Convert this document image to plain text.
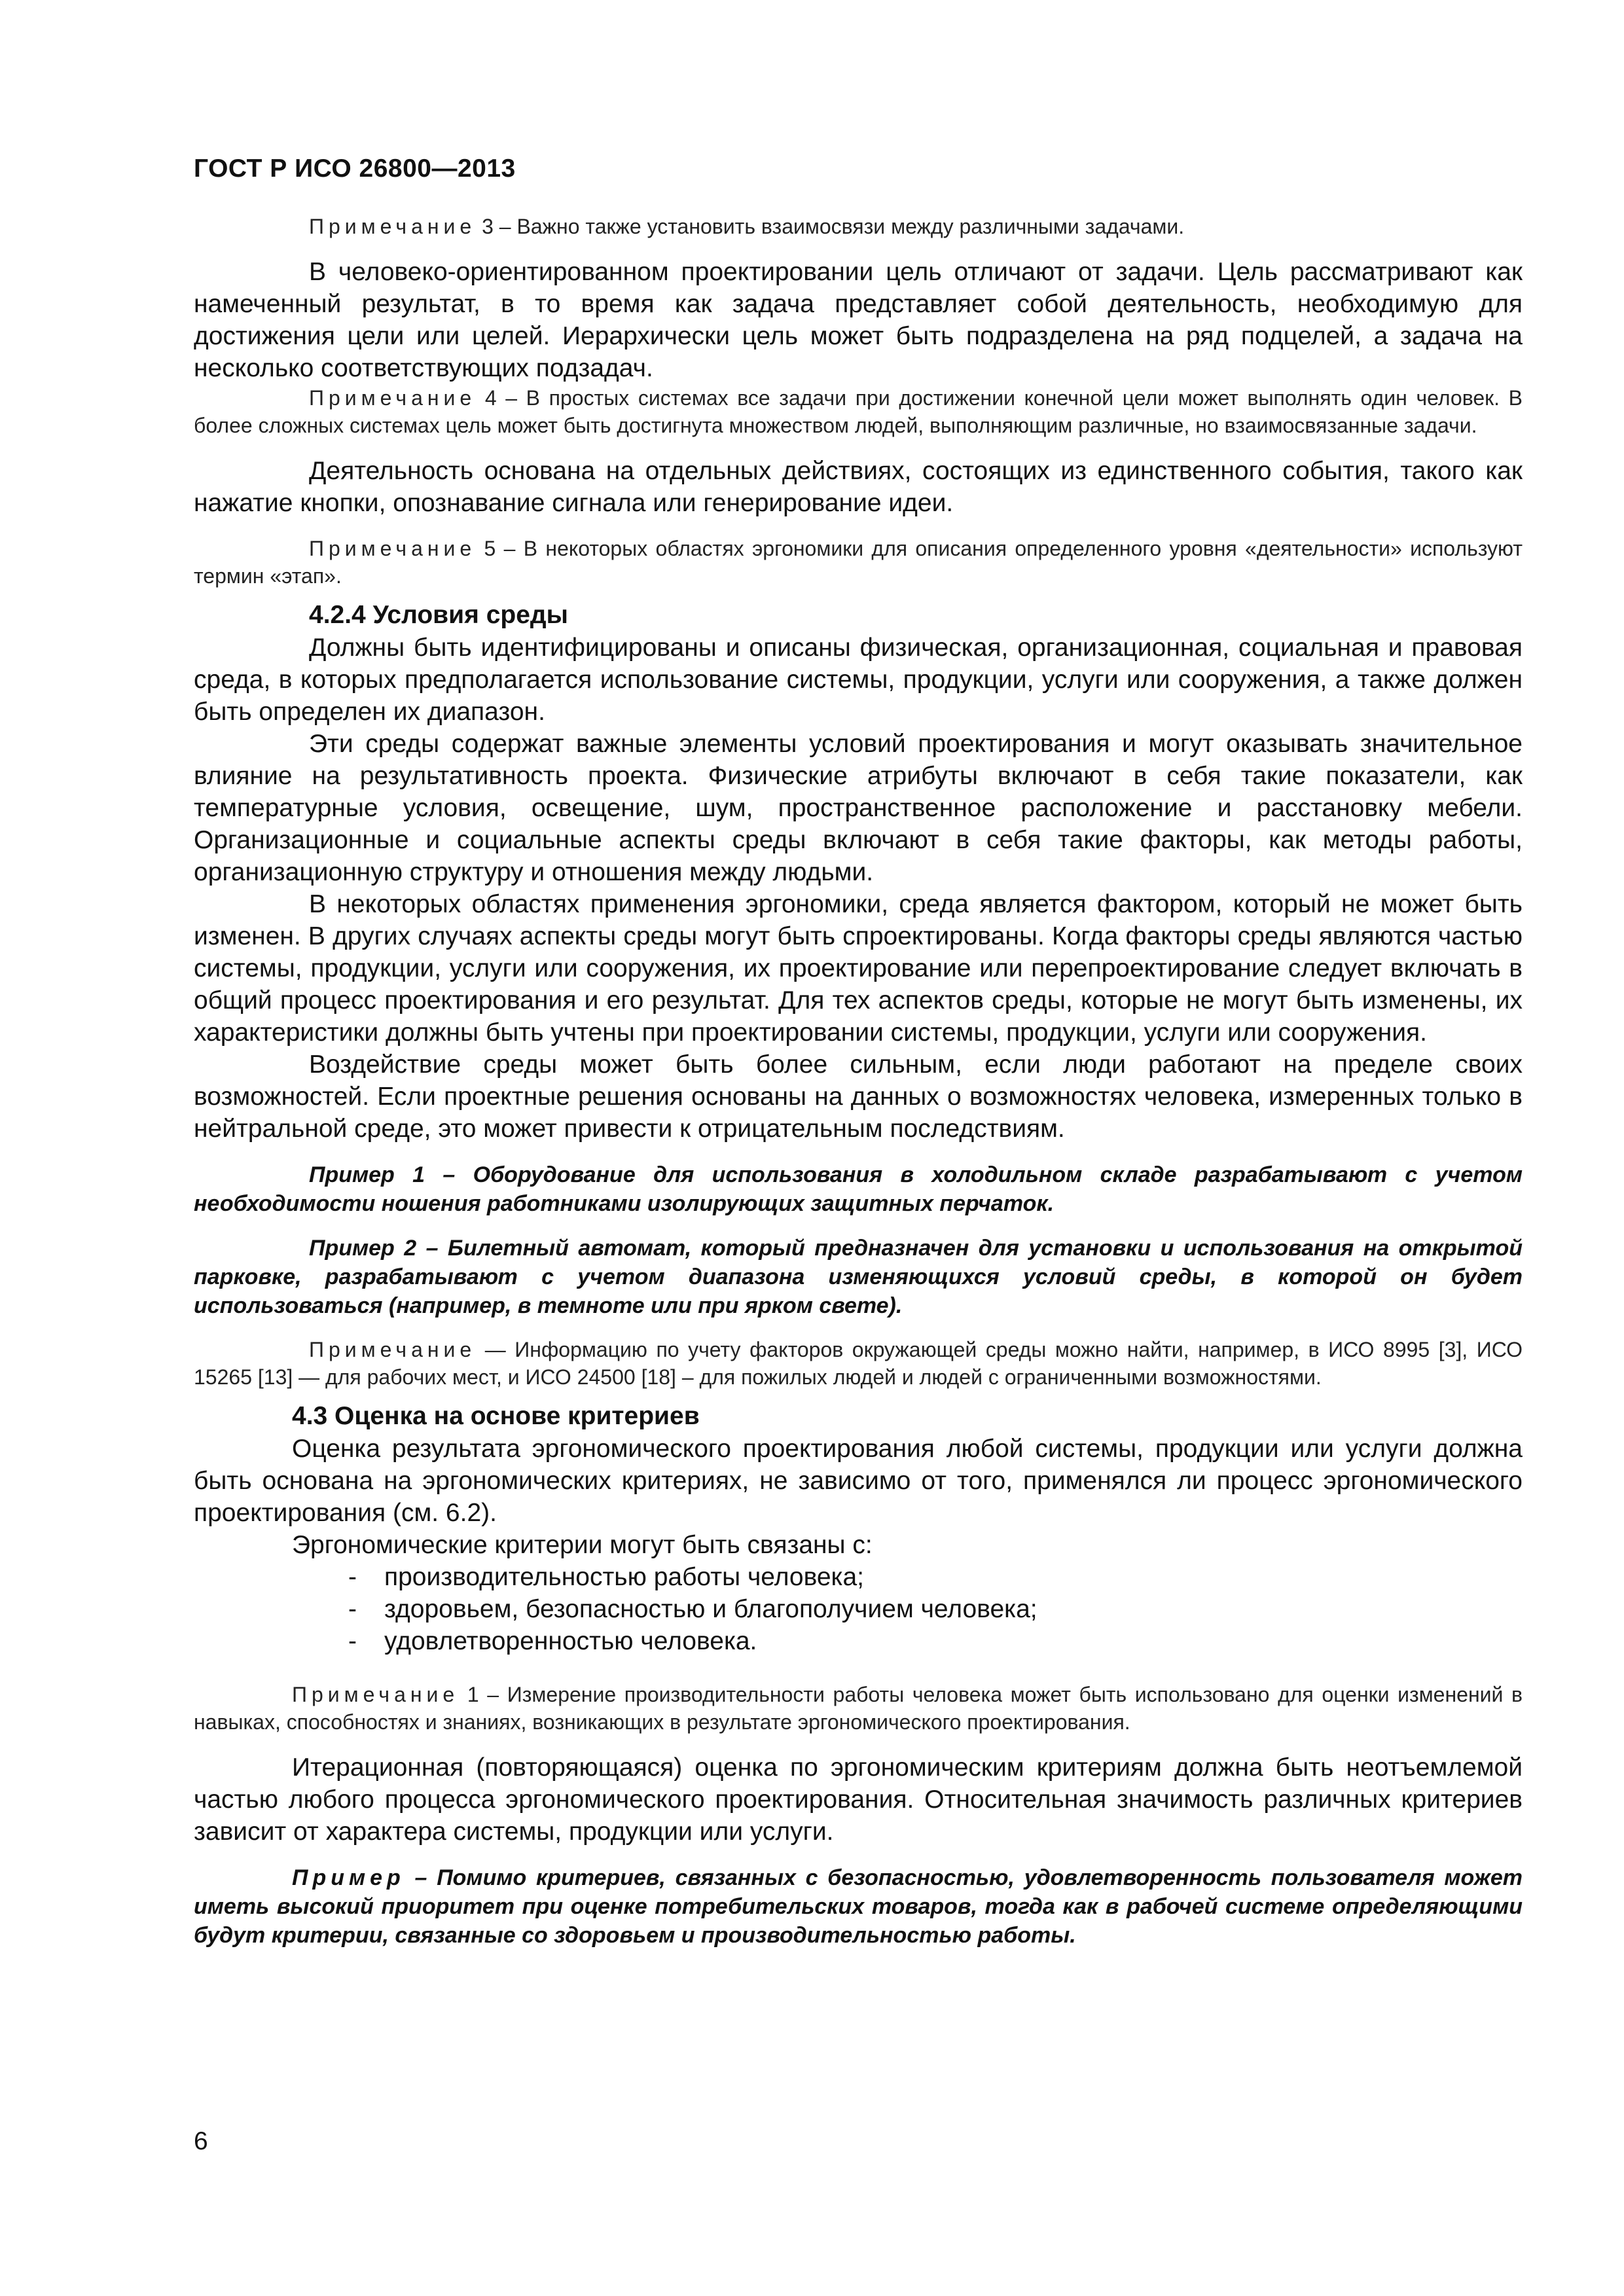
ГОСТ Р ИСО 26800—2013

Примечание 3 – Важно также установить взаимосвязи между различными задачами.

В человеко-ориентированном проектировании цель отличают от задачи. Цель рассматривают как намеченный результат, в то время как задача представляет собой деятельность, необходимую для достижения цели или целей. Иерархически цель может быть подразделена на ряд подцелей, а задача на несколько соответствующих подзадач.

Примечание 4 – В простых системах все задачи при достижении конечной цели может выполнять один человек. В более сложных системах цель может быть достигнута множеством людей, выполняющим различные, но взаимосвязанные задачи.

Деятельность основана на отдельных действиях, состоящих из единственного события, такого как нажатие кнопки, опознавание сигнала или генерирование идеи.

Примечание 5 – В некоторых областях эргономики для описания определенного уровня «деятельности» используют термин «этап».

4.2.4 Условия среды

Должны быть идентифицированы и описаны физическая, организационная, социальная и правовая среда, в которых предполагается использование системы, продукции, услуги или сооружения, а также должен быть определен их диапазон.

Эти среды содержат важные элементы условий проектирования и могут оказывать значительное влияние на результативность проекта. Физические атрибуты включают в себя такие показатели, как температурные условия, освещение, шум, пространственное расположение и расстановку мебели. Организационные и социальные аспекты среды включают в себя такие факторы, как методы работы, организационную структуру и отношения между людьми.

В некоторых областях применения эргономики, среда является фактором, который не может быть изменен. В других случаях аспекты среды могут быть спроектированы. Когда факторы среды являются частью системы, продукции, услуги или сооружения, их проектирование или перепроектирование следует включать в общий процесс проектирования и его результат. Для тех аспектов среды, которые не могут быть изменены, их характеристики должны быть учтены при проектировании системы, продукции, услуги или сооружения.

Воздействие среды может быть более сильным, если люди работают на пределе своих возможностей. Если проектные решения основаны на данных о возможностях человека, измеренных только в нейтральной среде, это может привести к отрицательным последствиям.

Пример 1 – Оборудование для использования в холодильном складе разрабатывают с учетом необходимости ношения работниками изолирующих защитных перчаток.

Пример 2 – Билетный автомат, который предназначен для установки и использования на открытой парковке, разрабатывают с учетом диапазона изменяющихся условий среды, в которой он будет использоваться (например, в темноте или при ярком свете).

Примечание — Информацию по учету факторов окружающей среды можно найти, например, в ИСО 8995 [3], ИСО 15265 [13] — для рабочих мест, и ИСО 24500 [18] – для пожилых людей и людей с ограниченными возможностями.

4.3 Оценка на основе критериев

Оценка результата эргономического проектирования любой системы, продукции или услуги должна быть основана на эргономических критериях, не зависимо от того, применялся ли процесс эргономического проектирования (см. 6.2).

Эргономические критерии могут быть связаны с:

-	производительностью работы человека;
-	здоровьем, безопасностью и благополучием человека;
-	удовлетворенностью человека.

Примечание 1 – Измерение производительности работы человека может быть использовано для оценки изменений в навыках, способностях и знаниях, возникающих в результате эргономического проектирования.

Итерационная (повторяющаяся) оценка по эргономическим критериям должна быть неотъемлемой частью любого процесса эргономического проектирования. Относительная значимость различных критериев зависит от характера системы, продукции или услуги.

Пример – Помимо критериев, связанных с безопасностью, удовлетворенность пользователя может иметь высокий приоритет при оценке потребительских товаров, тогда как в рабочей системе определяющими будут критерии, связанные со здоровьем и производительностью работы.

6
